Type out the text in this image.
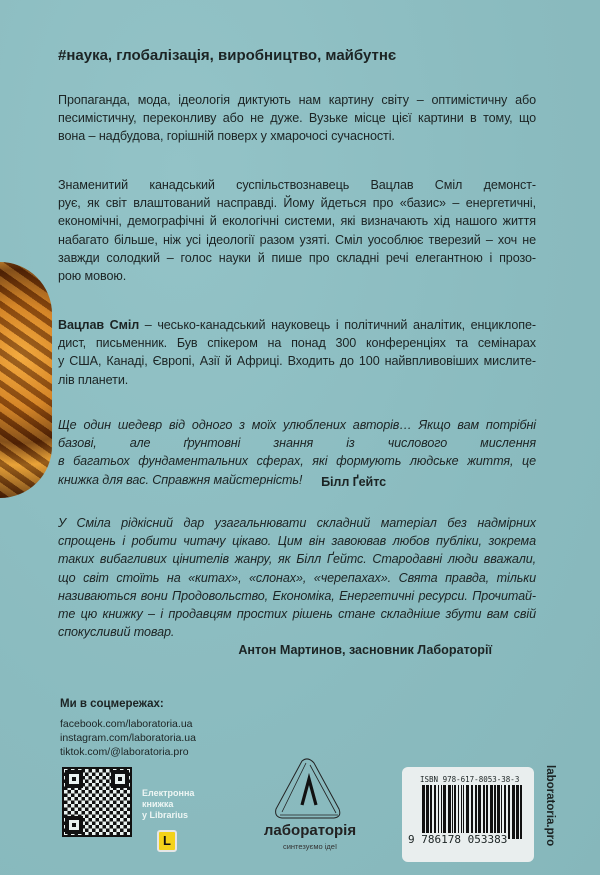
#наука, глобалізація, виробництво, майбутнє
Пропаганда, мода, ідеологія диктують нам картину світу – оптимістичну або
песимістичну, переконливу або не дуже. Вузьке місце цієї картини в тому, що
вона – надбудова, горішній поверх у хмарочосі сучасності.
Знаменитий канадський суспільствознавець Вацлав Сміл демонст-
рує, як світ влаштований насправді. Йому йдеться про «базис» – енергетичні,
економічні, демографічні й екологічні системи, які визначають хід нашого життя
набагато більше, ніж усі ідеології разом узяті. Сміл уособлює тверезий – хоч не
завжди солодкий – голос науки й пише про складні речі елегантною і прозо-
рою мовою.
Вацлав Сміл – чесько-канадський науковець і політичний аналітик, енциклопе-
дист, письменник. Був спікером на понад 300 конференціях та семінарах
у США, Канаді, Європі, Азії й Африці. Входить до 100 найвпливовіших мислите-
лів планети.
Ще один шедевр від одного з моїх улюблених авторів… Якщо вам потрібні
базові, але ґрунтовні знання із числового мислення
в багатьох фундаментальних сферах, які формують людське життя, це
книжка для вас. Справжня майстерність!	Білл Ґейтс
У Сміла рідкісний дар узагальнювати складний матеріал без надмірних
спрощень і робити читачу цікаво. Цим він завоював любов публіки, зокрема
таких вибагливих цінителів жанру, як Білл Ґейтс. Стародавні люди вважали,
що світ стоїть на «китах», «слонах», «черепахах». Свята правда, тільки
називаються вони Продовольство, Економіка, Енергетичні ресурси. Прочитай-
те цю книжку – і продавцям простих рішень стане складніше збути вам свій
спокусливий товар.
Антон Мартинов, засновник Лабораторії
Ми в соцмережах:
facebook.com/laboratoria.ua
instagram.com/laboratoria.ua
tiktok.com/@laboratoria.pro
Електронна
книжка
у Librarius
L
лабораторія
синтезуємо ідеї
ISBN 978-617-8053-38-3
9 786178 053383	laboratoria.pro
